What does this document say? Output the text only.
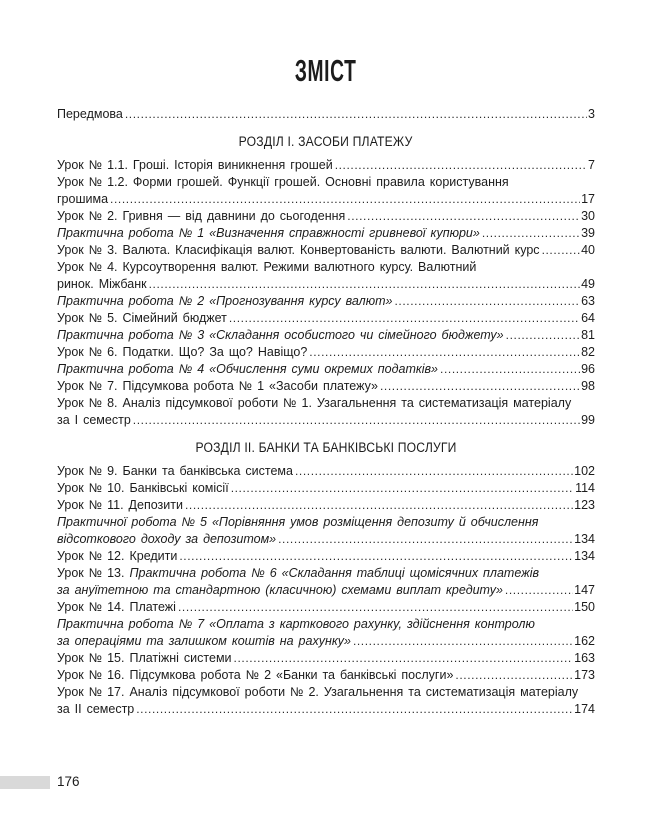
ЗМІСТ
Передмова .....	3
РОЗДІЛ І. ЗАСОБИ ПЛАТЕЖУ
Урок № 1.1. Гроші. Історія виникнення грошей .....	7
Урок № 1.2. Форми грошей. Функції грошей. Основні правила користування
грошима .....	17
Урок № 2. Гривня — від давнини до сьогодення .....	30
Практична робота № 1 «Визначення справжності гривневої купюри» .....	39
Урок № 3. Валюта. Класифікація валют. Конвертованість валюти. Валютний курс .....	40
Урок № 4. Курсоутворення валют. Режими валютного курсу. Валютний
ринок. Міжбанк .....	49
Практична робота № 2 «Прогнозування курсу валют» .....	63
Урок № 5. Сімейний бюджет .....	64
Практична робота № 3 «Складання особистого чи сімейного бюджету» .....	81
Урок № 6. Податки. Що? За що? Навіщо? .....	82
Практична робота № 4 «Обчислення суми окремих податків» .....	96
Урок № 7. Підсумкова робота № 1 «Засоби платежу» .....	98
Урок № 8. Аналіз підсумкової роботи № 1. Узагальнення та систематизація матеріалу
за І семестр .....	99
РОЗДІЛ ІІ. БАНКИ ТА БАНКІВСЬКІ ПОСЛУГИ
Урок № 9. Банки та банківська система .....	102
Урок № 10. Банківські комісії .....	114
Урок № 11. Депозити .....	123
Практичної робота № 5 «Порівняння умов розміщення депозиту й обчислення
відсоткового доходу за депозитом» .....	134
Урок № 12. Кредити .....	134
Урок № 13. Практична робота № 6 «Складання таблиці щомісячних платежів
за ануїтетною та стандартною (класичною) схемами виплат кредиту» .....	147
Урок № 14. Платежі .....	150
Практична робота № 7 «Оплата з карткового рахунку, здійснення контролю
за операціями та залишком коштів на рахунку» .....	162
Урок № 15. Платіжні системи .....	163
Урок № 16. Підсумкова робота № 2 «Банки та банківські послуги» .....	173
Урок № 17. Аналіз підсумкової роботи № 2. Узагальнення та систематизація матеріалу
за ІІ семестр .....	174
176
